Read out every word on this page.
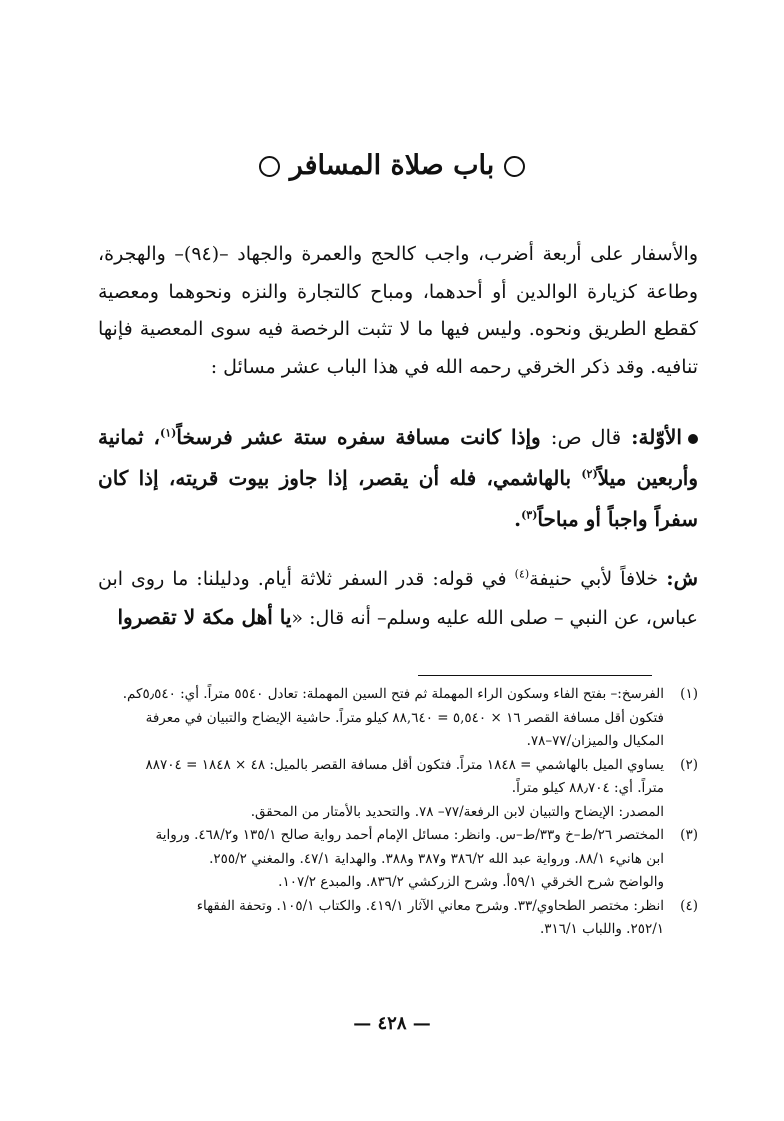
باب صلاة المسافر

والأسفار على أربعة أضرب، واجب كالحج والعمرة والجهاد –(٩٤)– والهجرة، وطاعة كزيارة الوالدين أو أحدهما، ومباح كالتجارة والنزه ونحوهما ومعصية كقطع الطريق ونحوه. وليس فيها ما لا تثبت الرخصة فيه سوى المعصية فإنها تنافيه. وقد ذكر الخرقي رحمه الله في هذا الباب عشر مسائل :

الأوّلة: قال ص: وإذا كانت مسافة سفره ستة عشر فرسخاً$^{(١)}$، ثمانية وأربعين ميلاً$^{(٢)}$ بالهاشمي، فله أن يقصر، إذا جاوز بيوت قريته، إذا كان سفراً واجباً أو مباحاً$^{(٣)}$.

ش: خلافاً لأبي حنيفة$^{(٤)}$ في قوله: قدر السفر ثلاثة أيام. ودليلنا: ما روى ابن عباس، عن النبي – صلى الله عليه وسلم– أنه قال: «يا أهل مكة لا تقصروا

(١)
الفرسخ:– بفتح الفاء وسكون الراء المهملة ثم فتح السين المهملة: تعادل ٥٥٤٠ متراً. أي: ٥٫٥٤٠كم.
فتكون أقل مسافة القصر ١٦ × ٥,٥٤٠ = ٨٨,٦٤٠ كيلو متراً. حاشية الإيضاح والتبيان في معرفة
المكيال والميزان/٧٧–٧٨.
(٢)
يساوي الميل بالهاشمي = ١٨٤٨ متراً. فتكون أقل مسافة القصر بالميل: ٤٨ × ١٨٤٨ = ٨٨٧٠٤
متراً. أي: ٨٨٫٧٠٤ كيلو متراً.
المصدر: الإيضاح والتبيان لابن الرفعة/٧٧– ٧٨. والتحديد بالأمتار من المحقق.
(٣)
المختصر ٢٦/ط–خ و٣٣/ط–س. وانظر: مسائل الإمام أحمد رواية صالح ١٣٥/١ و٤٦٨/٢. ورواية
ابن هانيء ٨٨/١. ورواية عبد الله ٣٨٦/٢ و٣٨٧ و٣٨٨. والهداية ٤٧/١. والمغني ٢٥٥/٢.
والواضح شرح الخرقي ٥٩/١أ. وشرح الزركشي ٨٣٦/٢. والمبدع ١٠٧/٢.
(٤)
انظر: مختصر الطحاوي/٣٣. وشرح معاني الآثار ٤١٩/١. والكتاب ١٠٥/١. وتحفة الفقهاء
٢٥٢/١. واللباب ٣١٦/١.
— ٤٢٨ —
